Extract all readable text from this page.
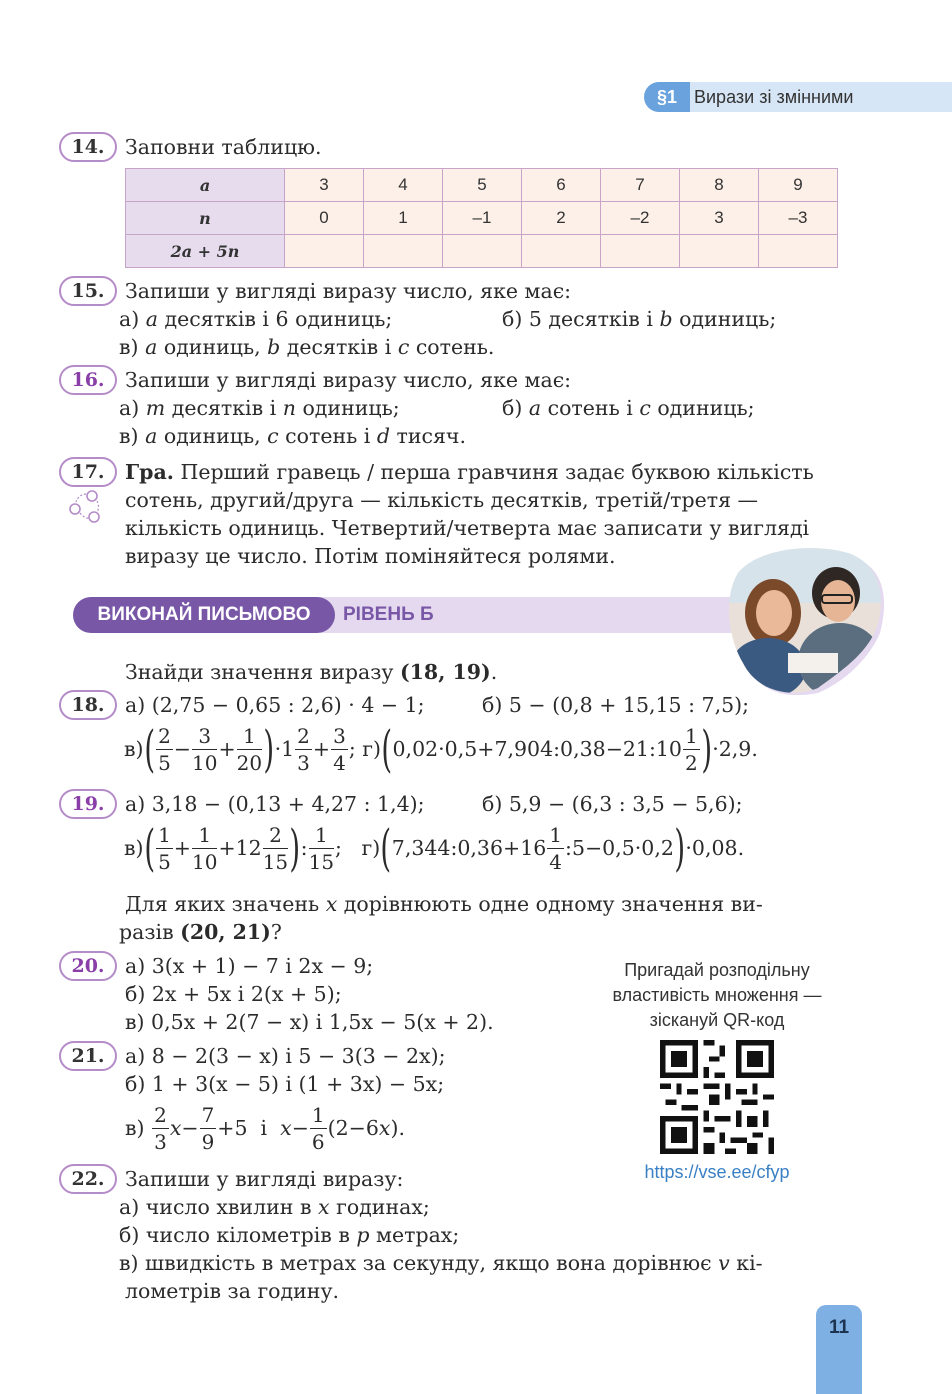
§1 Вирази зі змінними
14. Заповни таблицю.
a	3	4	5	6	7	8	9
n	0	1	–1	2	–2	3	–3
2a + 5n							
15. Запиши у вигляді виразу число, яке має:
а) a десятків і 6 одиниць;	б) 5 десятків і b одиниць;
в) a одиниць, b десятків і c сотень.
16. Запиши у вигляді виразу число, яке має:
а) m десятків і n одиниць;	б) a сотень і c одиниць;
в) a одиниць, c сотень і d тисяч.
17. Гра. Перший гравець / перша гравчиня задає буквою кількість
сотень, другий/друга — кількість десятків, третій/третя —
кількість одиниць. Четвертий/четверта має записати у вигляді
виразу це число. Потім поміняйтеся ролями.
ВИКОНАЙ ПИСЬМОВО	РІВЕНЬ Б
Знайди значення виразу (18, 19).
18. а) (2,75 − 0,65 : 2,6) · 4 − 1;	б) 5 − (0,8 + 15,15 : 7,5);
в) ( $\frac{2}{5} - \frac{3}{10} + \frac{1}{20}$ ) $\cdot 1 \frac{2}{3} + \frac{3}{4}$ ; г) ( 0,02·0,5+7,904:0,38−21:10 $\frac{1}{2}$ ) ·2,9.
19. а) 3,18 − (0,13 + 4,27 : 1,4);	б) 5,9 − (6,3 : 3,5 − 5,6);
в) ( $\frac{1}{5} + \frac{1}{10} +12 \frac{2}{15}$ ) : $\frac{1}{15}$ ; г) ( 7,344:0,36+16 $\frac{1}{4}$ :5−0,5·0,2 ) ·0,08.
Для яких значень x дорівнюють одне одному значення ви-
разів (20, 21)?
20. а) 3(x + 1) − 7 і 2x − 9;
б) 2x + 5x і 2(x + 5);
в) 0,5x + 2(7 − x) і 1,5x − 5(x + 2).
21. а) 8 − 2(3 − x) і 5 − 3(3 − 2x);
б) 1 + 3(x − 5) і (1 + 3x) − 5x;
в)
$\frac{2}{3}$ $x - \frac{7}{9} +5$  і $x - \frac{1}{6} (2-6$ x ).
Пригадай розподільну
властивість множення —
зіскануй QR-код
https://vse.ee/cfyp
22. Запиши у вигляді виразу:
а) число хвилин в x годинах;
б) число кілометрів в p метрах;
в) швидкість в метрах за секунду, якщо вона дорівнює v кі-
лометрів за годину.
11
